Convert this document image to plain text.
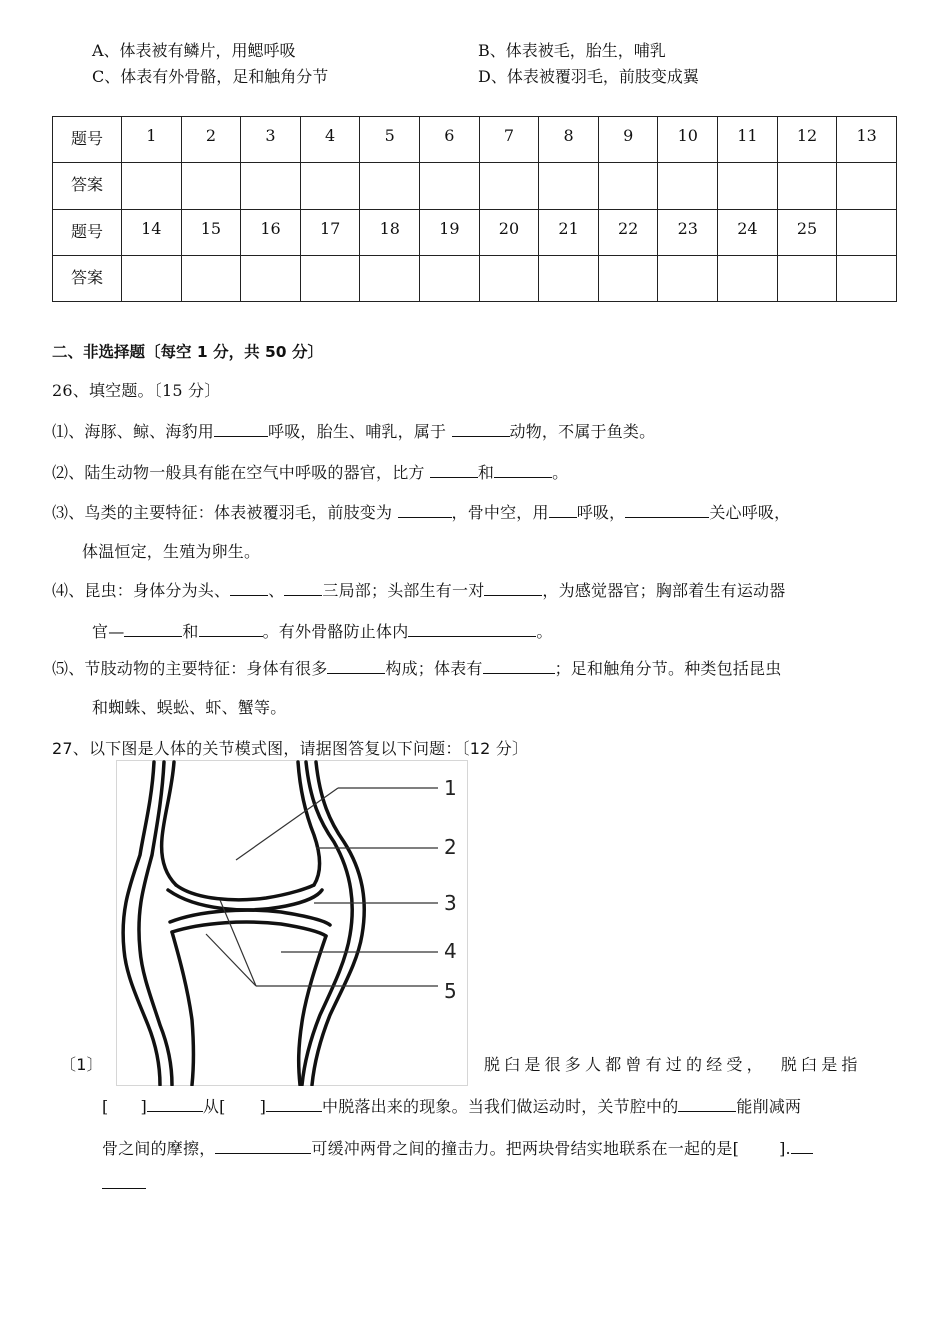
A、体表被有鳞片，用鳃呼吸	B、体表被毛，胎生，哺乳
C、体表有外骨骼，足和触角分节	D、体表被覆羽毛，前肢变成翼
题号	1	2	3	4	5	6	7	8	9	10	11	12	13
答案													
题号	14	15	16	17	18	19	20	21	22	23	24	25	
答案													
二、非选择题〔每空 1 分，共 50 分〕
26、填空题。〔15 分〕
⑴、海豚、鲸、海豹用	呼吸，胎生、哺乳，属于	动物，不属于鱼类。
⑵、陆生动物一般具有能在空气中呼吸的器官，比方	和	。
⑶、鸟类的主要特征：体表被覆羽毛，前肢变为	，骨中空，用 呼吸，	关心呼吸，
体温恒定，生殖为卵生。
⑷、昆虫：身体分为头、 、 三局部；头部生有一对	，为感觉器官；胸部着生有运动器
官—	和	。有外骨骼防止体内	。
⑸、节肢动物的主要特征：身体有很多	构成；体表有	；足和触角分节。种类包括昆虫
和蜘蛛、蜈蚣、虾、蟹等。
27、以下图是人体的关节模式图，请据图答复以下问题：〔12 分〕
1
2
3
4
5
〔1〕	脱臼是很多人都曾有过的经受， 脱臼是指
[ ]	从[ ]	中脱落出来的现象。当我们做运动时，关节腔中的	能削减两
骨之间的摩擦，	可缓冲两骨之间的撞击力。把两块骨结实地联系在一起的是[	].
